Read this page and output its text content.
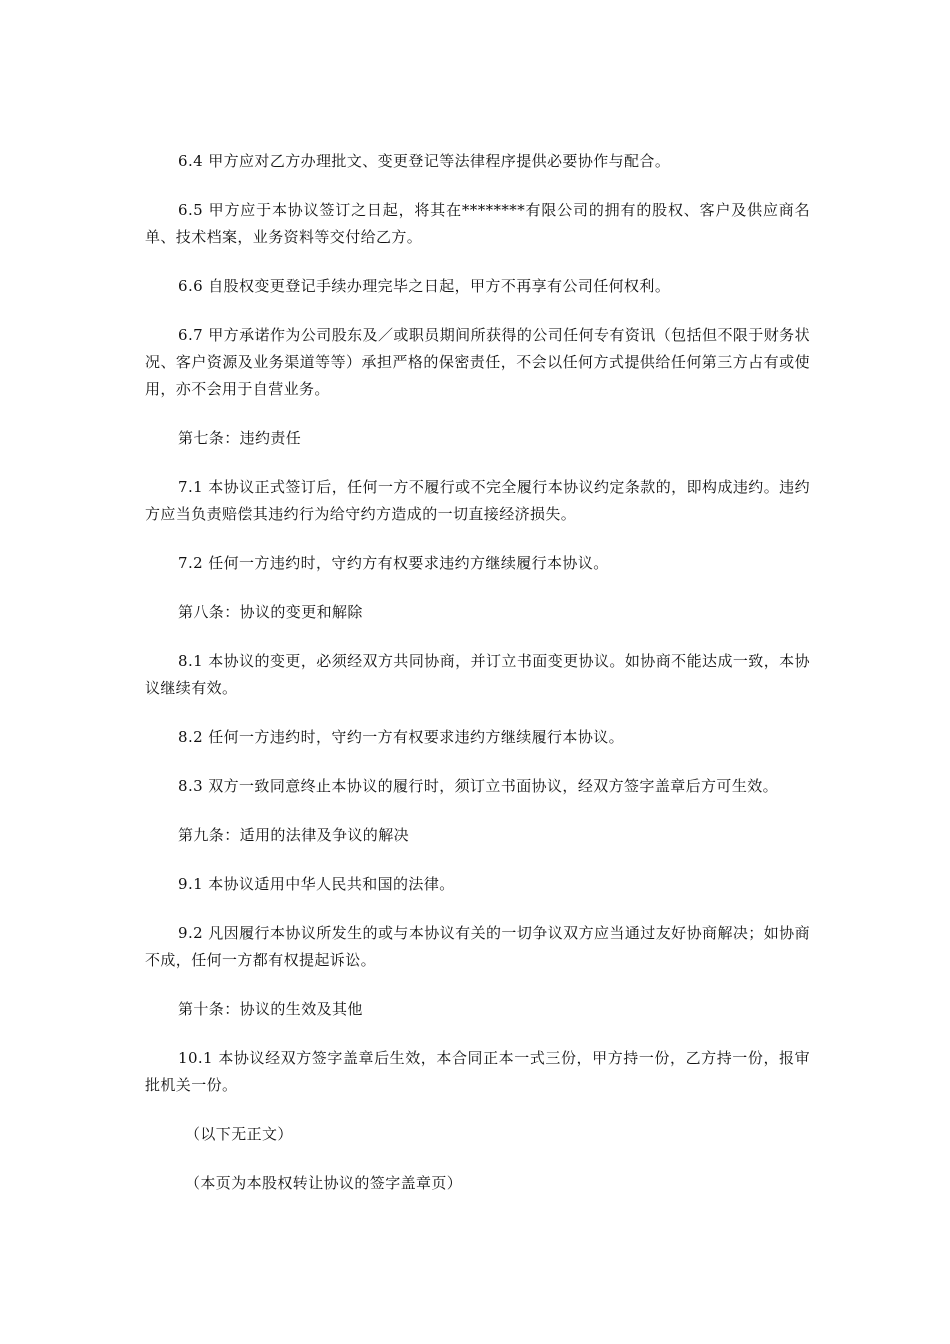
6.4 甲方应对乙方办理批文、变更登记等法律程序提供必要协作与配合。

6.5 甲方应于本协议签订之日起，将其在********有限公司的拥有的股权、客户及供应商名单、技术档案，业务资料等交付给乙方。

6.6 自股权变更登记手续办理完毕之日起，甲方不再享有公司任何权利。

6.7 甲方承诺作为公司股东及／或职员期间所获得的公司任何专有资讯（包括但不限于财务状况、客户资源及业务渠道等等）承担严格的保密责任，不会以任何方式提供给任何第三方占有或使用，亦不会用于自营业务。

第七条：违约责任

7.1 本协议正式签订后，任何一方不履行或不完全履行本协议约定条款的，即构成违约。违约方应当负责赔偿其违约行为给守约方造成的一切直接经济损失。

7.2 任何一方违约时，守约方有权要求违约方继续履行本协议。

第八条：协议的变更和解除

8.1 本协议的变更，必须经双方共同协商，并订立书面变更协议。如协商不能达成一致，本协议继续有效。

8.2 任何一方违约时，守约一方有权要求违约方继续履行本协议。

8.3 双方一致同意终止本协议的履行时，须订立书面协议，经双方签字盖章后方可生效。

第九条：适用的法律及争议的解决

9.1 本协议适用中华人民共和国的法律。

9.2 凡因履行本协议所发生的或与本协议有关的一切争议双方应当通过友好协商解决；如协商不成，任何一方都有权提起诉讼。

第十条：协议的生效及其他

10.1 本协议经双方签字盖章后生效，本合同正本一式三份，甲方持一份，乙方持一份，报审批机关一份。

（以下无正文）

（本页为本股权转让协议的签字盖章页）
